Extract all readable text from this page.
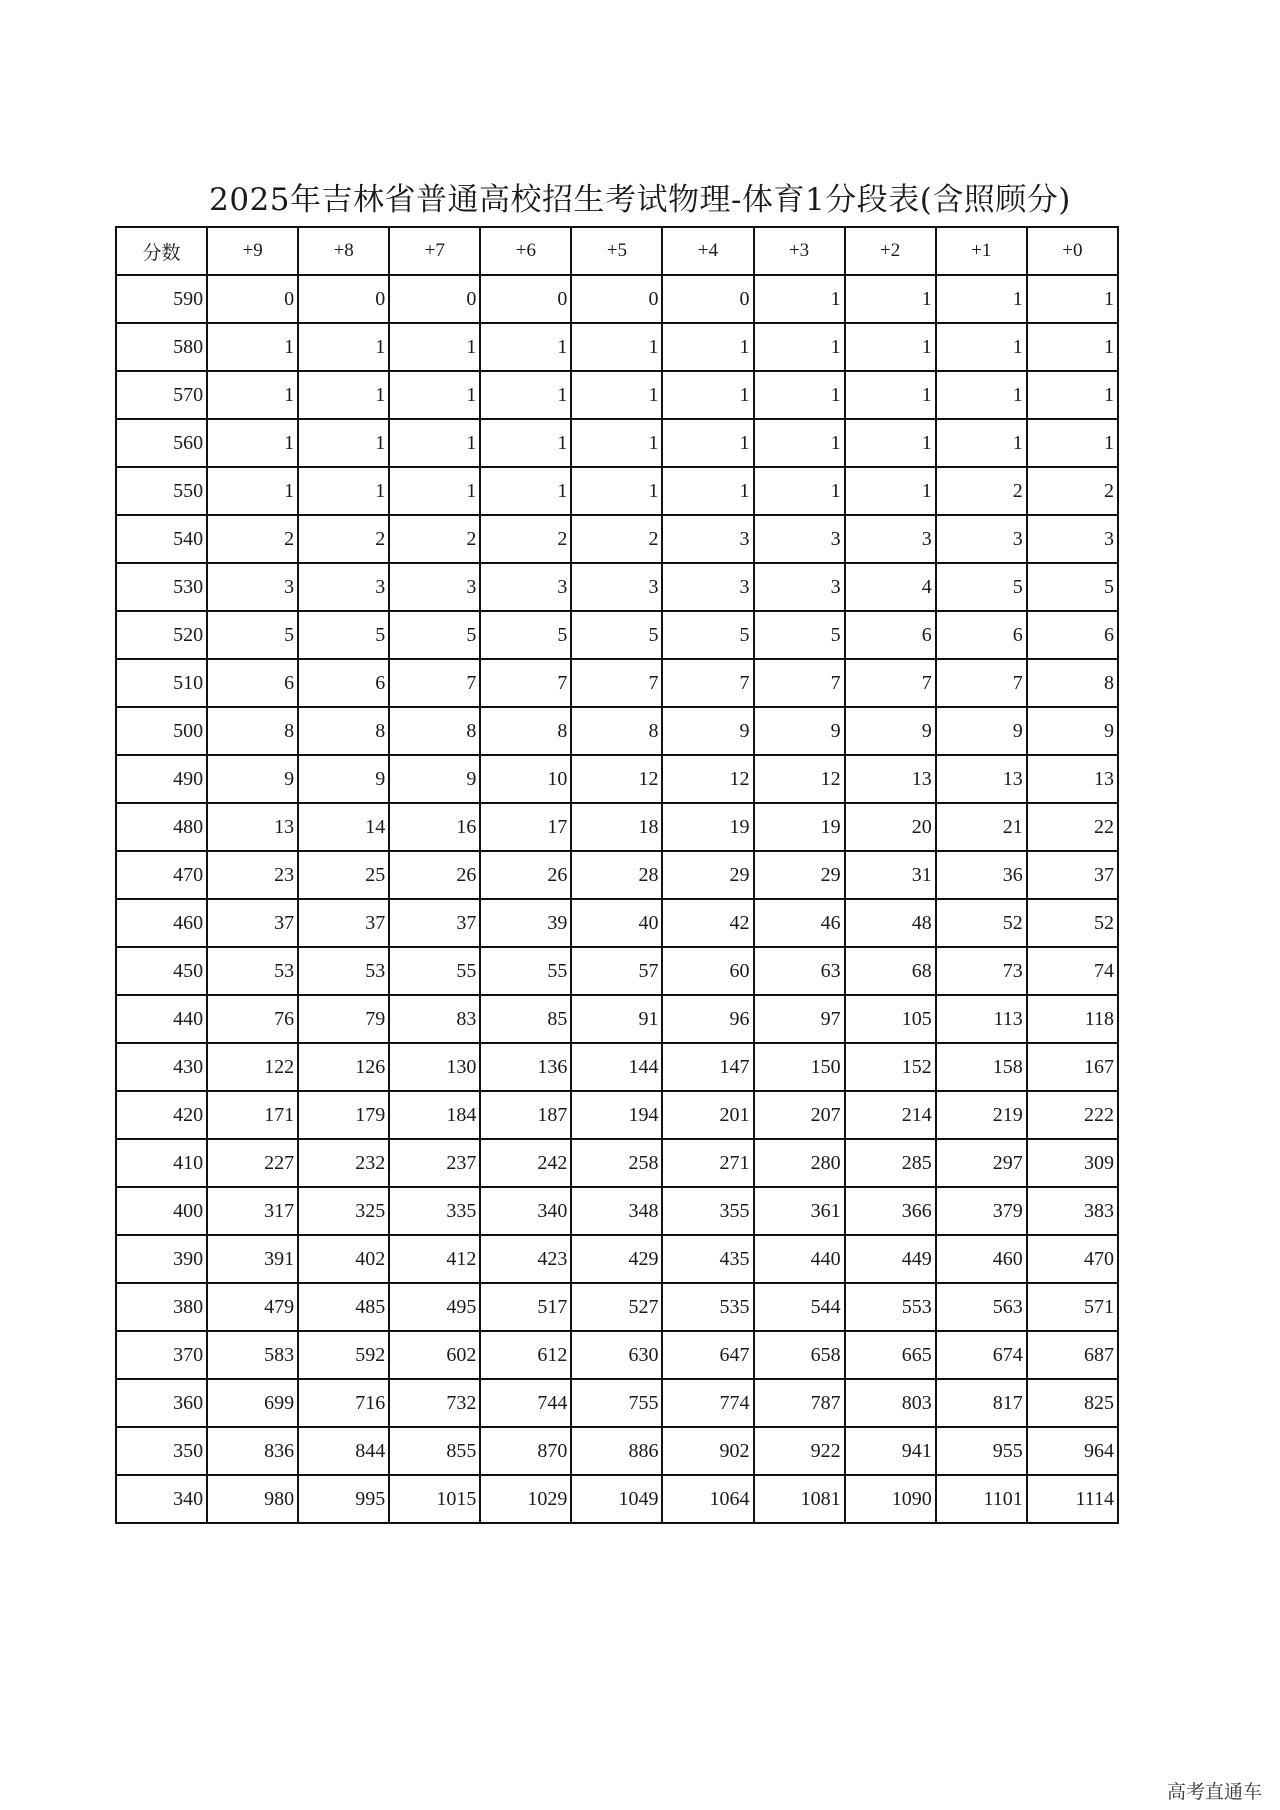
2025年吉林省普通高校招生考试物理-体育1分段表(含照顾分)
分数	+9	+8	+7	+6	+5	+4	+3	+2	+1	+0
590	0	0	0	0	0	0	1	1	1	1
580	1	1	1	1	1	1	1	1	1	1
570	1	1	1	1	1	1	1	1	1	1
560	1	1	1	1	1	1	1	1	1	1
550	1	1	1	1	1	1	1	1	2	2
540	2	2	2	2	2	3	3	3	3	3
530	3	3	3	3	3	3	3	4	5	5
520	5	5	5	5	5	5	5	6	6	6
510	6	6	7	7	7	7	7	7	7	8
500	8	8	8	8	8	9	9	9	9	9
490	9	9	9	10	12	12	12	13	13	13
480	13	14	16	17	18	19	19	20	21	22
470	23	25	26	26	28	29	29	31	36	37
460	37	37	37	39	40	42	46	48	52	52
450	53	53	55	55	57	60	63	68	73	74
440	76	79	83	85	91	96	97	105	113	118
430	122	126	130	136	144	147	150	152	158	167
420	171	179	184	187	194	201	207	214	219	222
410	227	232	237	242	258	271	280	285	297	309
400	317	325	335	340	348	355	361	366	379	383
390	391	402	412	423	429	435	440	449	460	470
380	479	485	495	517	527	535	544	553	563	571
370	583	592	602	612	630	647	658	665	674	687
360	699	716	732	744	755	774	787	803	817	825
350	836	844	855	870	886	902	922	941	955	964
340	980	995	1015	1029	1049	1064	1081	1090	1101	1114
高考直通车
